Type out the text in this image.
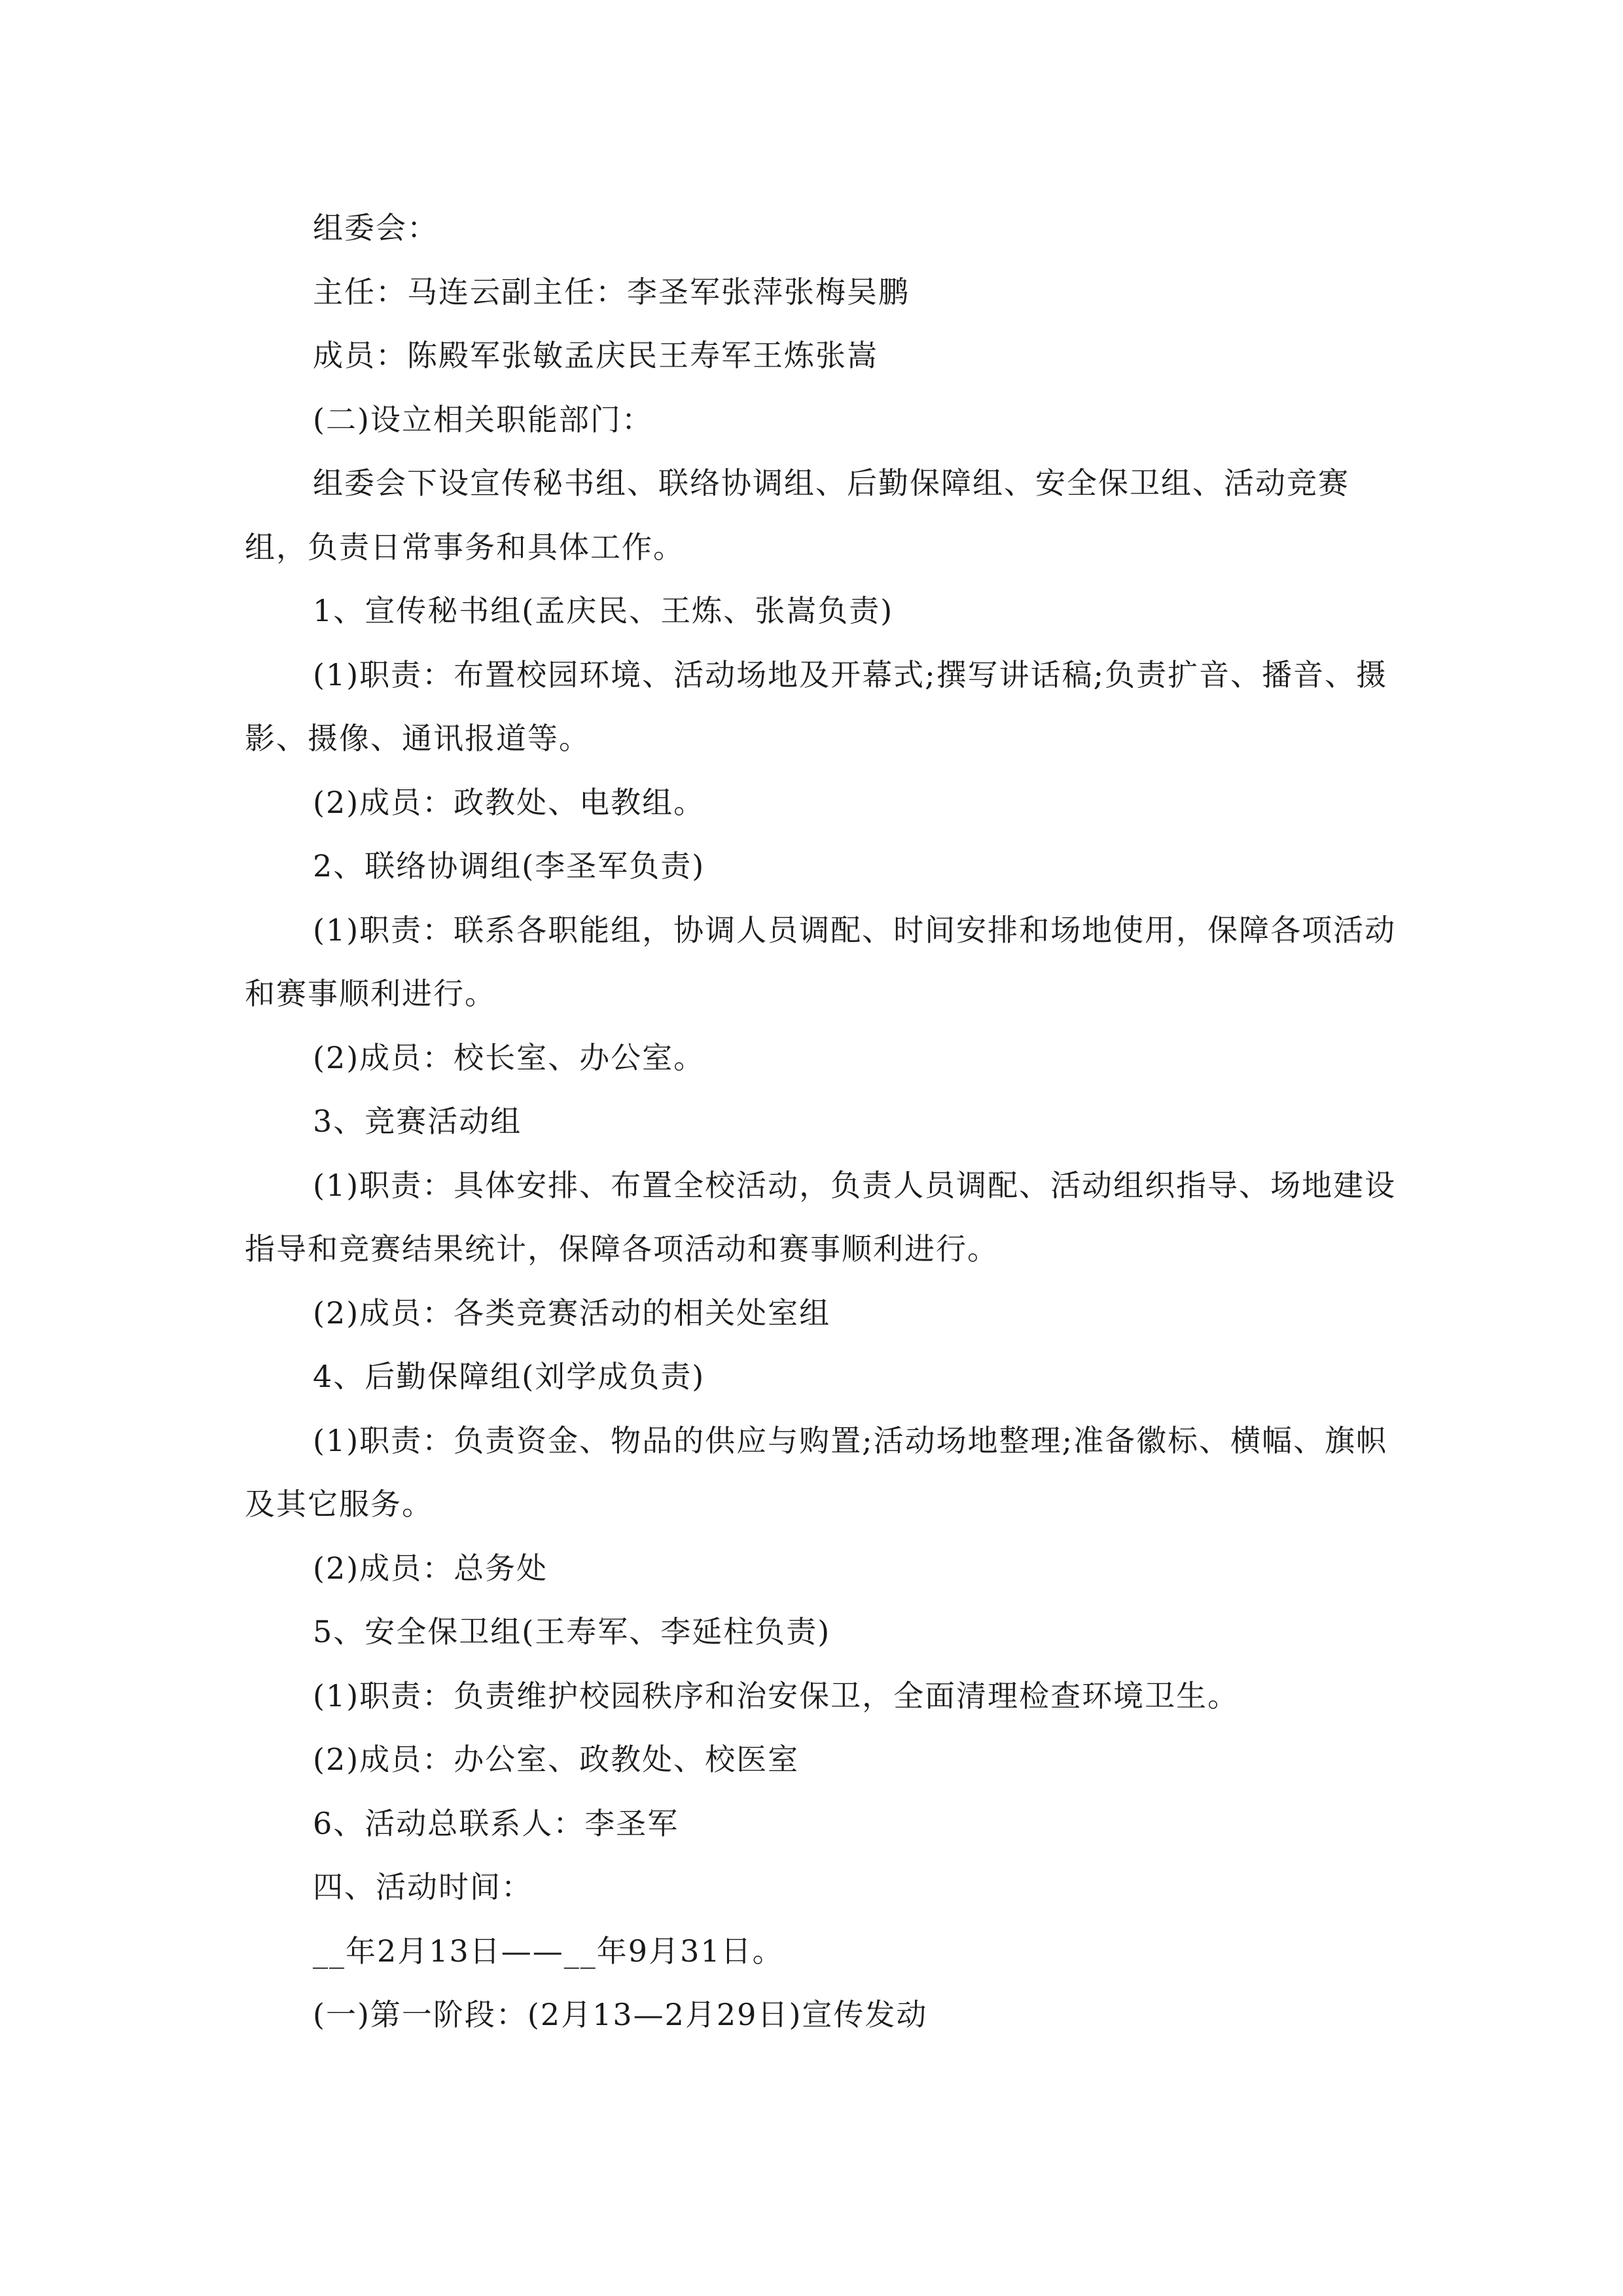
组委会：

主任：马连云副主任：李圣军张萍张梅吴鹏

成员：陈殿军张敏孟庆民王寿军王炼张嵩

(二)设立相关职能部门：

组委会下设宣传秘书组、联络协调组、后勤保障组、安全保卫组、活动竞赛组，负责日常事务和具体工作。

1、宣传秘书组(孟庆民、王炼、张嵩负责)

(1)职责：布置校园环境、活动场地及开幕式;撰写讲话稿;负责扩音、播音、摄影、摄像、通讯报道等。

(2)成员：政教处、电教组。

2、联络协调组(李圣军负责)

(1)职责：联系各职能组，协调人员调配、时间安排和场地使用，保障各项活动和赛事顺利进行。

(2)成员：校长室、办公室。

3、竞赛活动组

(1)职责：具体安排、布置全校活动，负责人员调配、活动组织指导、场地建设指导和竞赛结果统计，保障各项活动和赛事顺利进行。

(2)成员：各类竞赛活动的相关处室组

4、后勤保障组(刘学成负责)

(1)职责：负责资金、物品的供应与购置;活动场地整理;准备徽标、横幅、旗帜及其它服务。

(2)成员：总务处

5、安全保卫组(王寿军、李延柱负责)

(1)职责：负责维护校园秩序和治安保卫，全面清理检查环境卫生。

(2)成员：办公室、政教处、校医室

6、活动总联系人：李圣军

四、活动时间：

__年2月13日——__年9月31日。

(一)第一阶段：(2月13—2月29日)宣传发动
